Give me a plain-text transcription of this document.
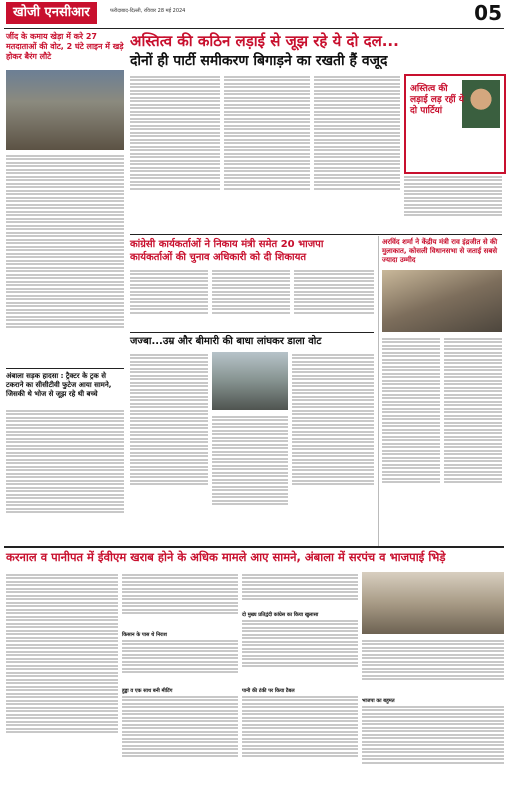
खोजी एनसीआर	फरीदाबाद-दिल्ली, रविवार 28 मई 2024	05
जींद के कमाय खेड़ा में करे 27 मतदाताओं की वोट, 2 घंटे लाइन में खड़े होकर बैरंग लौटे
अंबाला सड़क हादसा : ट्रैक्टर के ट्रक से टकराने का सीसीटीवी फुटेज आया सामने, जिसकी थे भोज से जूझ रहे थी बच्चे
अस्तित्व की कठिन लड़ाई से जूझ रहे ये दो दल...
दोनों ही पार्टी समीकरण बिगाड़ने का रखती हैं वजूद
अस्तित्व की लड़ाई लड़ रहीं ये दो पार्टियां
कांग्रेसी कार्यकर्ताओं ने निकाय मंत्री समेत 20 भाजपा
कार्यकर्ताओं की चुनाव अधिकारी को दी शिकायत
अरविंद शर्मा ने केंद्रीय मंत्री राव इंद्रजीत से की मुलाकात, कोसली विधानसभा से जताई सबसे ज्यादा उम्मीद
जज्बा...उम्र और बीमारी की बाधा लांघकर डाला वोट
करनाल व पानीपत में ईवीएम खराब होने के अधिक मामले आए सामने, अंबाला में सरपंच व भाजपाई भिड़े
किसान के पास थे निराश
हुड्डा व एक साथ बनी मीटिंग
दो मुख्य प्रतिद्वंदी कांग्रेस का किया खुलासा
पानी की टंकी पर किया टैबल
भाजपा का बहुमत
